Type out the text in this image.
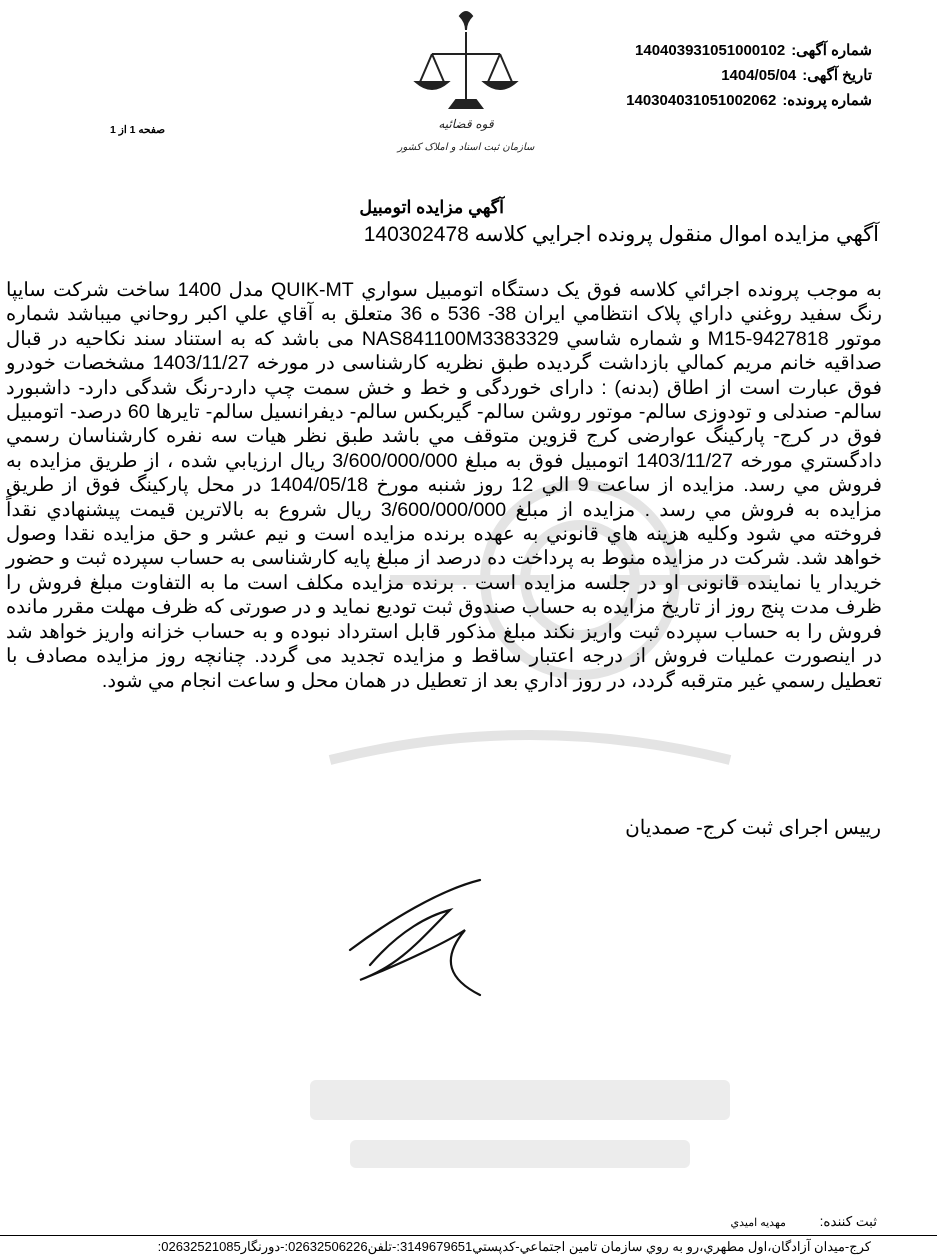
شماره آگهی:140403931051000102
تاریخ آگهی:1404/05/04
شماره پرونده:140304031051002062
صفحه 1 از 1	قوه قضائيه
سازمان ثبت اسناد و املاک کشور
آگهي مزايده اتومبيل
آگهي مزايده اموال منقول پرونده اجرايي کلاسه 140302478
به موجب پرونده اجرائي کلاسه فوق يک دستگاه اتومبيل سواري QUIK-MT مدل 1400 ساخت شرکت سايپا رنگ سفيد روغني داراي پلاک انتظامي ايران 38- 536 ه 36 متعلق به آقاي علي اکبر روحاني ميباشد شماره موتور M15-9427818 و شماره شاسي NAS841100M3383329 می باشد که به استناد سند نکاحيه در قبال صداقيه خانم مريم کمالي بازداشت گرديده طبق نظريه کارشناسی در مورخه 1403/11/27 مشخصات خودرو فوق عبارت است از اطاق (بدنه) : دارای خوردگی و خط و خش سمت چپ دارد-رنگ شدگی دارد- داشبورد سالم- صندلی و تودوزی سالم- موتور روشن سالم- گيربکس سالم- ديفرانسيل سالم- تايرها 60 درصد- اتومبيل فوق در کرج- پارکينگ عوارضی کرج قزوين متوقف مي باشد طبق نظر هيات سه نفره کارشناسان رسمي دادگستري مورخه 1403/11/27 اتومبيل فوق به مبلغ 3/600/000/000 ريال ارزيابي شده ، از طريق مزايده به فروش مي رسد. مزايده از ساعت 9 الي 12 روز شنبه مورخ 1404/05/18 در محل پارکينگ فوق از طريق مزايده به فروش مي رسد . مزايده از مبلغ 3/600/000/000 ريال شروع به بالاترين قيمت پيشنهادي نقداً فروخته مي شود وکليه هزينه هاي قانوني به عهده برنده مزايده است و نيم عشر و حق مزايده نقدا وصول خواهد شد. شرکت در مزايده منوط به پرداخت ده درصد از مبلغ پايه کارشناسی به حساب سپرده ثبت و حضور خريدار يا نماينده قانونی او در جلسه مزايده است . برنده مزايده مکلف است ما به التفاوت مبلغ فروش را ظرف مدت پنج روز از تاريخ مزايده به حساب صندوق ثبت توديع نمايد و در صورتی که ظرف مهلت مقرر مانده فروش را به حساب سپرده ثبت واريز نکند مبلغ مذکور قابل استرداد نبوده و به حساب خزانه واريز خواهد شد در اينصورت عمليات فروش از درجه اعتبار ساقط و مزايده تجديد می گردد. چنانچه روز مزايده مصادف با تعطيل رسمي غير مترقبه گردد، در روز اداري بعد از تعطيل در همان محل و ساعت انجام مي شود.
رييس اجرای ثبت کرج- صمديان
ثبت کننده: مهديه اميدي
کرج-ميدان آزادگان،اول مطهري،رو به روي سازمان تامين اجتماعي-کدپستي3149679651:-تلفن02632506226:-دورنگار02632521085:
